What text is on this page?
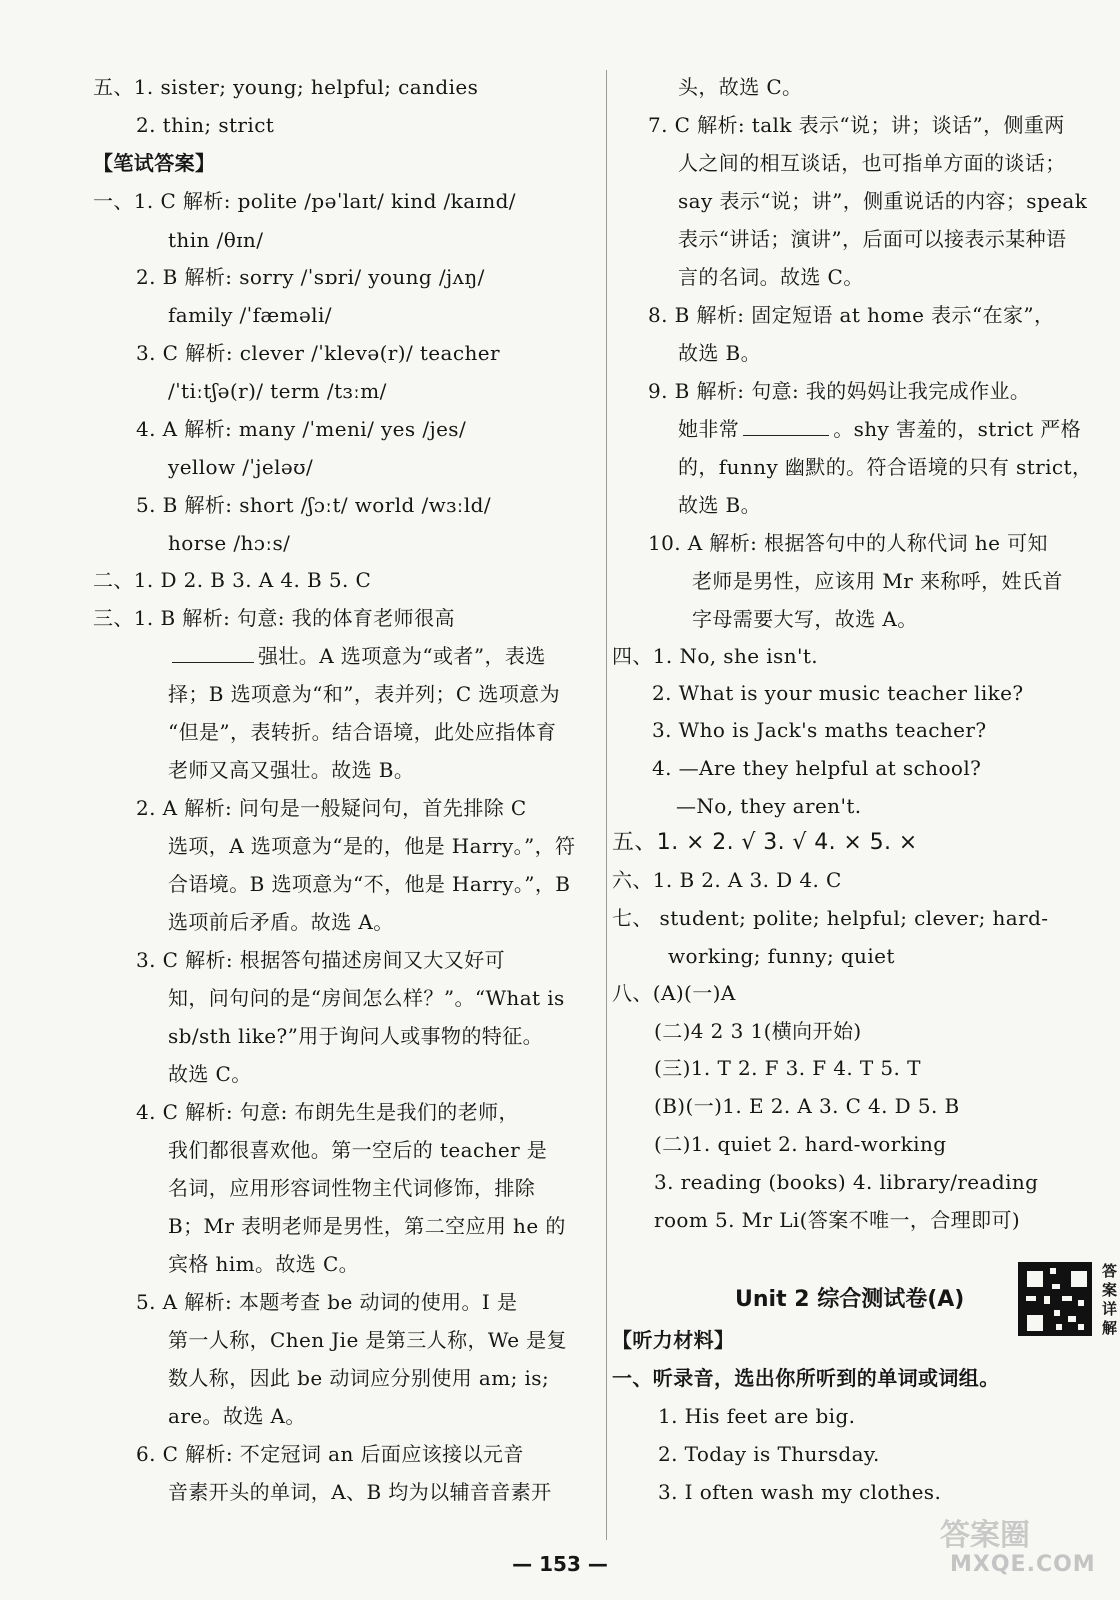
五、1. sister; young; helpful; candies
2. thin; strict
【笔试答案】
一、1. C 解析: polite /pəˈlaɪt/ kind /kaɪnd/
thin /θɪn/
2. B 解析: sorry /ˈsɒri/ young /jʌŋ/
family /ˈfæməli/
3. C 解析: clever /ˈklevə(r)/ teacher
/ˈtiːtʃə(r)/ term /tɜːm/
4. A 解析: many /ˈmeni/ yes /jes/
yellow /ˈjeləʊ/
5. B 解析: short /ʃɔːt/ world /wɜːld/
horse /hɔːs/
二、1. D 2. B 3. A 4. B 5. C
三、1. B 解析: 句意: 我的体育老师很高
强壮。A 选项意为“或者”，表选
择；B 选项意为“和”，表并列；C 选项意为
“但是”，表转折。结合语境，此处应指体育
老师又高又强壮。故选 B。
2. A 解析: 问句是一般疑问句，首先排除 C
选项，A 选项意为“是的，他是 Harry。”，符
合语境。B 选项意为“不，他是 Harry。”，B
选项前后矛盾。故选 A。
3. C 解析: 根据答句描述房间又大又好可
知，问句问的是“房间怎么样？”。“What is
sb/sth like?”用于询问人或事物的特征。
故选 C。
4. C 解析: 句意: 布朗先生是我们的老师，
我们都很喜欢他。第一空后的 teacher 是
名词，应用形容词性物主代词修饰，排除
B；Mr 表明老师是男性，第二空应用 he 的
宾格 him。故选 C。
5. A 解析: 本题考查 be 动词的使用。I 是
第一人称，Chen Jie 是第三人称，We 是复
数人称，因此 be 动词应分别使用 am; is;
are。故选 A。
6. C 解析: 不定冠词 an 后面应该接以元音
音素开头的单词，A、B 均为以辅音音素开
头，故选 C。
7. C 解析: talk 表示“说；讲；谈话”，侧重两
人之间的相互谈话，也可指单方面的谈话；
say 表示“说；讲”，侧重说话的内容；speak
表示“讲话；演讲”，后面可以接表示某种语
言的名词。故选 C。
8. B 解析: 固定短语 at home 表示“在家”，
故选 B。
9. B 解析: 句意: 我的妈妈让我完成作业。
她非常	。shy 害羞的，strict 严格
的，funny 幽默的。符合语境的只有 strict，
故选 B。
10. A 解析: 根据答句中的人称代词 he 可知
老师是男性，应该用 Mr 来称呼，姓氏首
字母需要大写，故选 A。
四、1. No, she isn't.
2. What is your music teacher like?
3. Who is Jack's maths teacher?
4. —Are they helpful at school?
—No, they aren't.
五、1. × 2. √ 3. √ 4. × 5. ×
六、1. B 2. A 3. D 4. C
七、 student; polite; helpful; clever; hard-
working; funny; quiet
八、(A)(一)A
(二)4 2 3 1(横向开始)
(三)1. T 2. F 3. F 4. T 5. T
(B)(一)1. E 2. A 3. C 4. D 5. B
(二)1. quiet 2. hard-working
3. reading (books) 4. library/reading
room 5. Mr Li(答案不唯一，合理即可)
【听力材料】
一、听录音，选出你所听到的单词或词组。
1. His feet are big.
2. Today is Thursday.
3. I often wash my clothes.
Unit 2 综合测试卷(A)
答案详解
— 153 —
答案圈
MXQE.COM
